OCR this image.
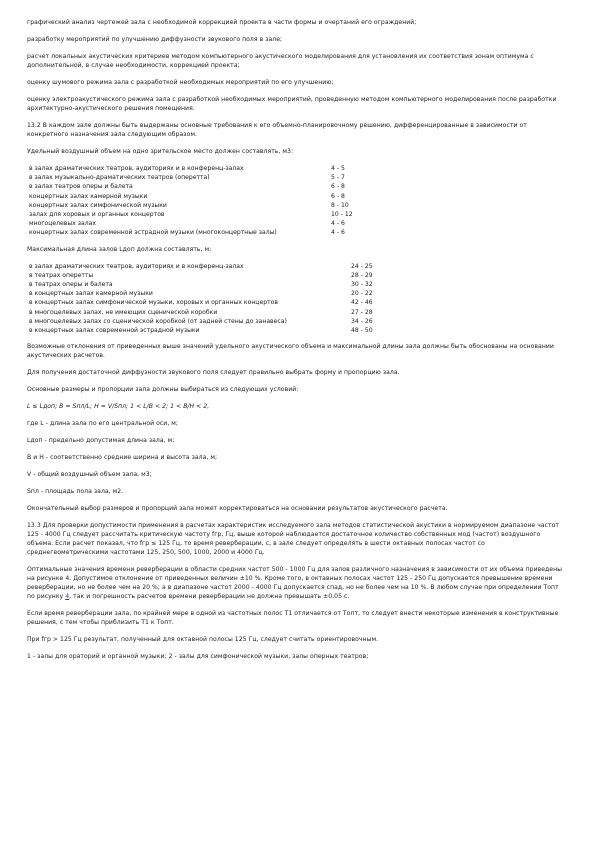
графический анализ чертежей зала с необходимой коррекцией проекта в части формы и очертаний его ограждений;

разработку мероприятий по улучшению диффузности звукового поля в зале;

расчет локальных акустических критериев методом компьютерного акустического моделирования для установления их соответствия зонам оптимума с дополнительной, в случае необходимости, коррекцией проекта;

оценку шумового режима зала с разработкой необходимых мероприятий по его улучшению;

оценку электроакустического режима зала с разработкой необходимых мероприятий, проведенную методом компьютерного моделирования после разработки архитектурно-акустического решения помещения.

13.2 В каждом зале должны быть выдержаны основные требования к его объемно-планировочному решению, дифференцированные в зависимости от конкретного назначения зала следующим образом.

Удельный воздушный объем на одно зрительское место должен составлять, м3:

в залах драматических театров, аудиториях и в конференц-залах	4 - 5
в залах музыкально-драматических театров (оперетта)	5 - 7
в залах театров оперы и балета	6 - 8
концертных залах камерной музыки	6 - 8
концертных залах симфонической музыки	8 - 10
залах для хоровых и органных концертов	10 - 12
многоцелевых залах	4 - 6
концертных залах современной эстрадной музыки (многоконцертные залы)	4 - 6

Максимальная длина залов Lдоп должна составлять, м:

в залах драматических театров, аудиториях и в конференц-залах	24 - 25
в театрах оперетты	28 - 29
в театрах оперы и балета	30 - 32
в концертных залах камерной музыки	20 - 22
в концертных залах симфонической музыки, хоровых и органных концертов	42 - 46
в многоцелевых залах, не имеющих сценической коробки	27 - 28
в многоцелевых залах со сценической коробкой (от задней стены до занавеса)	34 - 26
в концертных залах современной эстрадной музыки	48 - 50

Возможные отклонения от приведенных выше значений удельного акустического объема и максимальной длины зала должны быть обоснованы на основании акустических расчетов.

Для получения достаточной диффузности звукового поля следует правильно выбрать форму и пропорцию зала.

Основные размеры и пропорции зала должны выбираться из следующих условий:

L ≤ Lдоп; B = Sпл/L; H = V/Sпл; 1 < L/B < 2; 1 < B/H < 2,

где L - длина зала по его центральной оси, м;

Lдоп - предельно допустимая длина зала, м;

B и H - соответственно средние ширина и высота зала, м;

V - общий воздушный объем зала, м3;

Sпл - площадь пола зала, м2.

Окончательный выбор размеров и пропорций зала может корректироваться на основании результатов акустического расчета.

13.3 Для проверки допустимости применения в расчетах характеристик исследуемого зала методов статистической акустики в нормируемом диапазоне частот 125 - 4000 Гц следует рассчитать критическую частоту fгр, Гц, выше которой наблюдается достаточное количество собственных мод (частот) воздушного объема. Если расчет показал, что fгр ≤ 125 Гц, то время реверберации, с, в зале следует определять в шести октавных полосах частот со среднегеометрическими частотами 125, 250, 500, 1000, 2000 и 4000 Гц.

Оптимальные значения времени реверберации в области средних частот 500 - 1000 Гц для залов различного назначения в зависимости от их объема приведены на рисунке 4. Допустимое отклонение от приведенных величин ±10 %. Кроме того, в октавных полосах частот 125 - 250 Гц допускается превышение времени реверберации, но не более чем на 20 %; а в диапазоне частот 2000 - 4000 Гц допускается спад, но не более чем на 10 %. В любом случае при определении Tопт по рисунку 4, так и погрешность расчетов времени реверберации не должна превышать ±0,05 с.

Если время реверберации зала, по крайней мере в одной из частотных полос Т1 отличается от Топт, то следует внести некоторые изменения в конструктивные решения, с тем чтобы приблизить Т1 к Топт.

При fгр > 125 Гц результат, полученный для октавной полосы 125 Гц, следует считать ориентировочным.

1 - залы для ораторий и органной музыки; 2 - залы для симфонической музыки, залы оперных театров;
